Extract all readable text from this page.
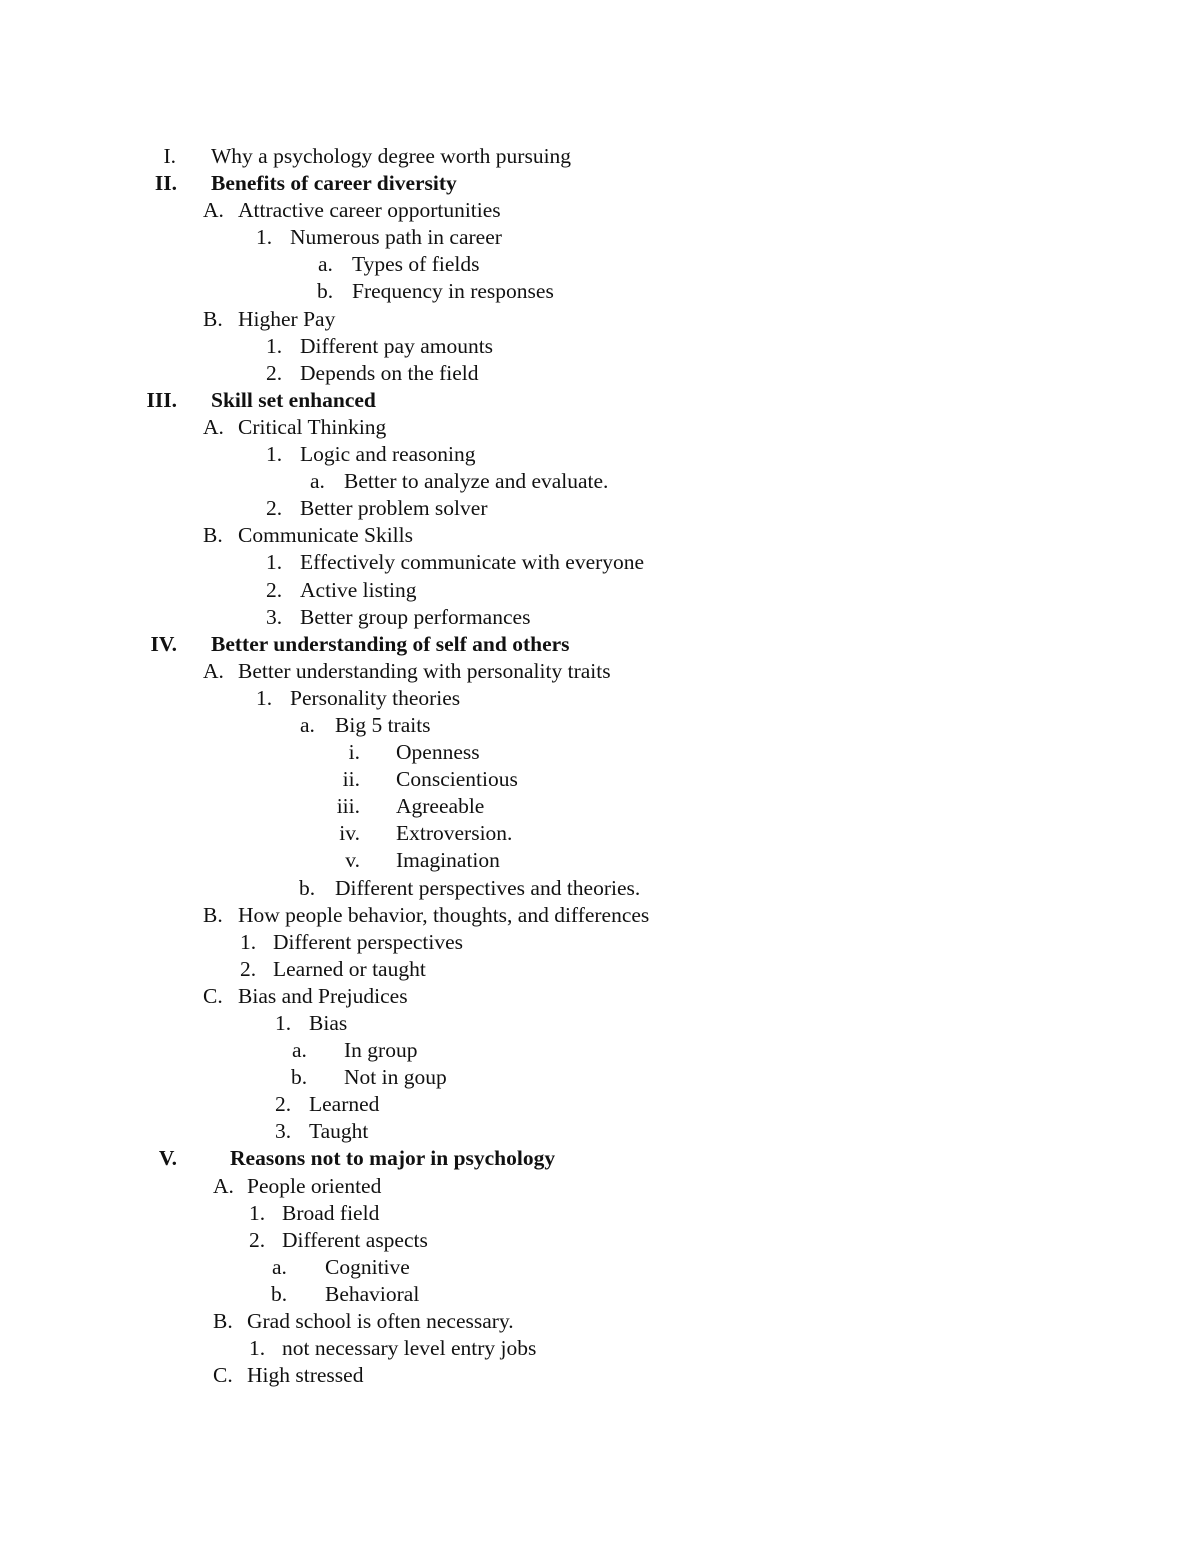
I. Why a psychology degree worth pursuing
II. Benefits of career diversity
A. Attractive career opportunities
1. Numerous path in career
a. Types of fields
b. Frequency in responses
B. Higher Pay
1. Different pay amounts
2. Depends on the field
III. Skill set enhanced
A. Critical Thinking
1. Logic and reasoning
a. Better to analyze and evaluate.
2. Better problem solver
B. Communicate Skills
1. Effectively communicate with everyone
2. Active listing
3. Better group performances
IV. Better understanding of self and others
A. Better understanding with personality traits
1. Personality theories
a. Big 5 traits
i. Openness
ii. Conscientious
iii. Agreeable
iv. Extroversion.
v. Imagination
b. Different perspectives and theories.
B. How people behavior, thoughts, and differences
1. Different perspectives
2. Learned or taught
C. Bias and Prejudices
1. Bias
a. In group
b. Not in goup
2. Learned
3. Taught
V. Reasons not to major in psychology
A. People oriented
1. Broad field
2. Different aspects
a. Cognitive
b. Behavioral
B. Grad school is often necessary.
1. not necessary level entry jobs
C. High stressed
